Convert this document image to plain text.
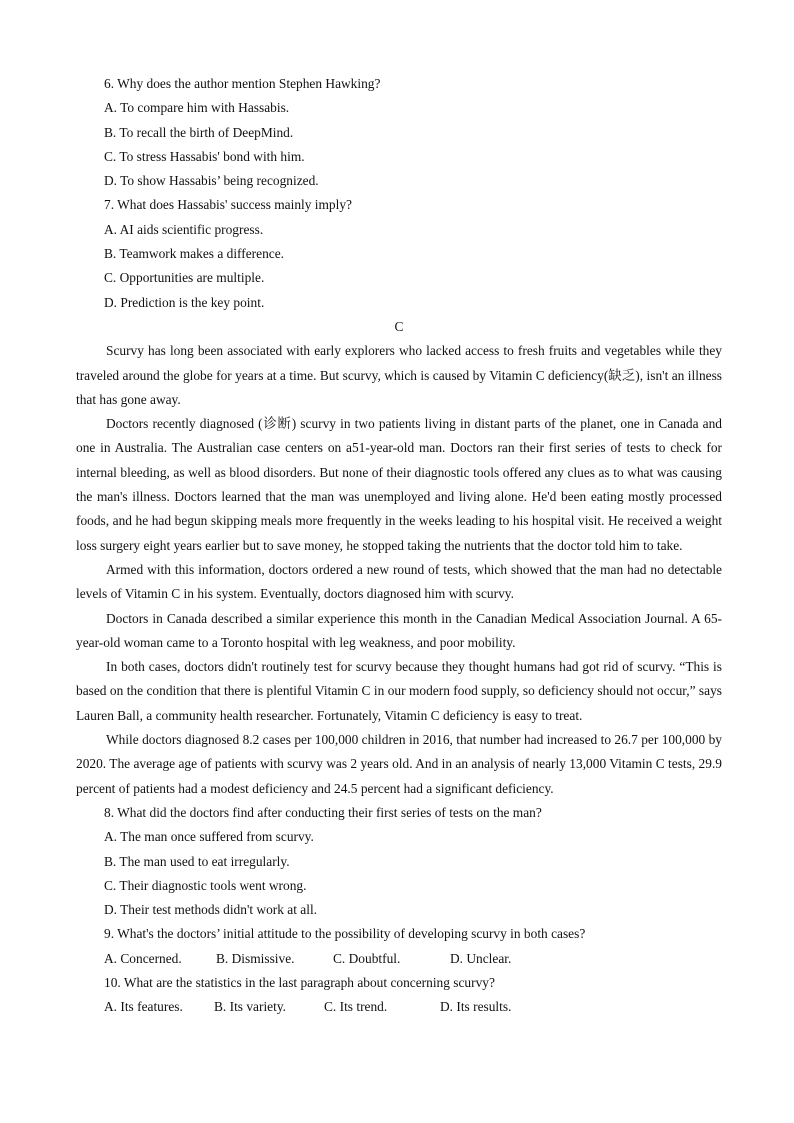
6. Why does the author mention Stephen Hawking?
A. To compare him with Hassabis.
B. To recall the birth of DeepMind.
C. To stress Hassabis' bond with him.
D. To show Hassabis’ being recognized.
7. What does Hassabis' success mainly imply?
A. AI aids scientific progress.
B. Teamwork makes a difference.
C. Opportunities are multiple.
D. Prediction is the key point.
C

Scurvy has long been associated with early explorers who lacked access to fresh fruits and vegetables while they traveled around the globe for years at a time. But scurvy, which is caused by Vitamin C deficiency(缺乏), isn't an illness that has gone away.

Doctors recently diagnosed (诊断) scurvy in two patients living in distant parts of the planet, one in Canada and one in Australia. The Australian case centers on a51-year-old man. Doctors ran their first series of tests to check for internal bleeding, as well as blood disorders. But none of their diagnostic tools offered any clues as to what was causing the man's illness. Doctors learned that the man was unemployed and living alone. He'd been eating mostly processed foods, and he had begun skipping meals more frequently in the weeks leading to his hospital visit. He received a weight loss surgery eight years earlier but to save money, he stopped taking the nutrients that the doctor told him to take.

Armed with this information, doctors ordered a new round of tests, which showed that the man had no detectable levels of Vitamin C in his system. Eventually, doctors diagnosed him with scurvy.

Doctors in Canada described a similar experience this month in the Canadian Medical Association Journal. A 65-year-old woman came to a Toronto hospital with leg weakness, and poor mobility.

In both cases, doctors didn't routinely test for scurvy because they thought humans had got rid of scurvy. “This is based on the condition that there is plentiful Vitamin C in our modern food supply, so deficiency should not occur,” says Lauren Ball, a community health researcher. Fortunately, Vitamin C deficiency is easy to treat.

While doctors diagnosed 8.2 cases per 100,000 children in 2016, that number had increased to 26.7 per 100,000 by 2020. The average age of patients with scurvy was 2 years old. And in an analysis of nearly 13,000 Vitamin C tests, 29.9 percent of patients had a modest deficiency and 24.5 percent had a significant deficiency.

8. What did the doctors find after conducting their first series of tests on the man?
A. The man once suffered from scurvy.
B. The man used to eat irregularly.
C. Their diagnostic tools went wrong.
D. Their test methods didn't work at all.
9. What's the doctors’ initial attitude to the possibility of developing scurvy in both cases?
A. Concerned.	B. Dismissive.	C. Doubtful.	D. Unclear.
10. What are the statistics in the last paragraph about concerning scurvy?
A. Its features. B. Its variety.	C. Its trend.	D. Its results.
